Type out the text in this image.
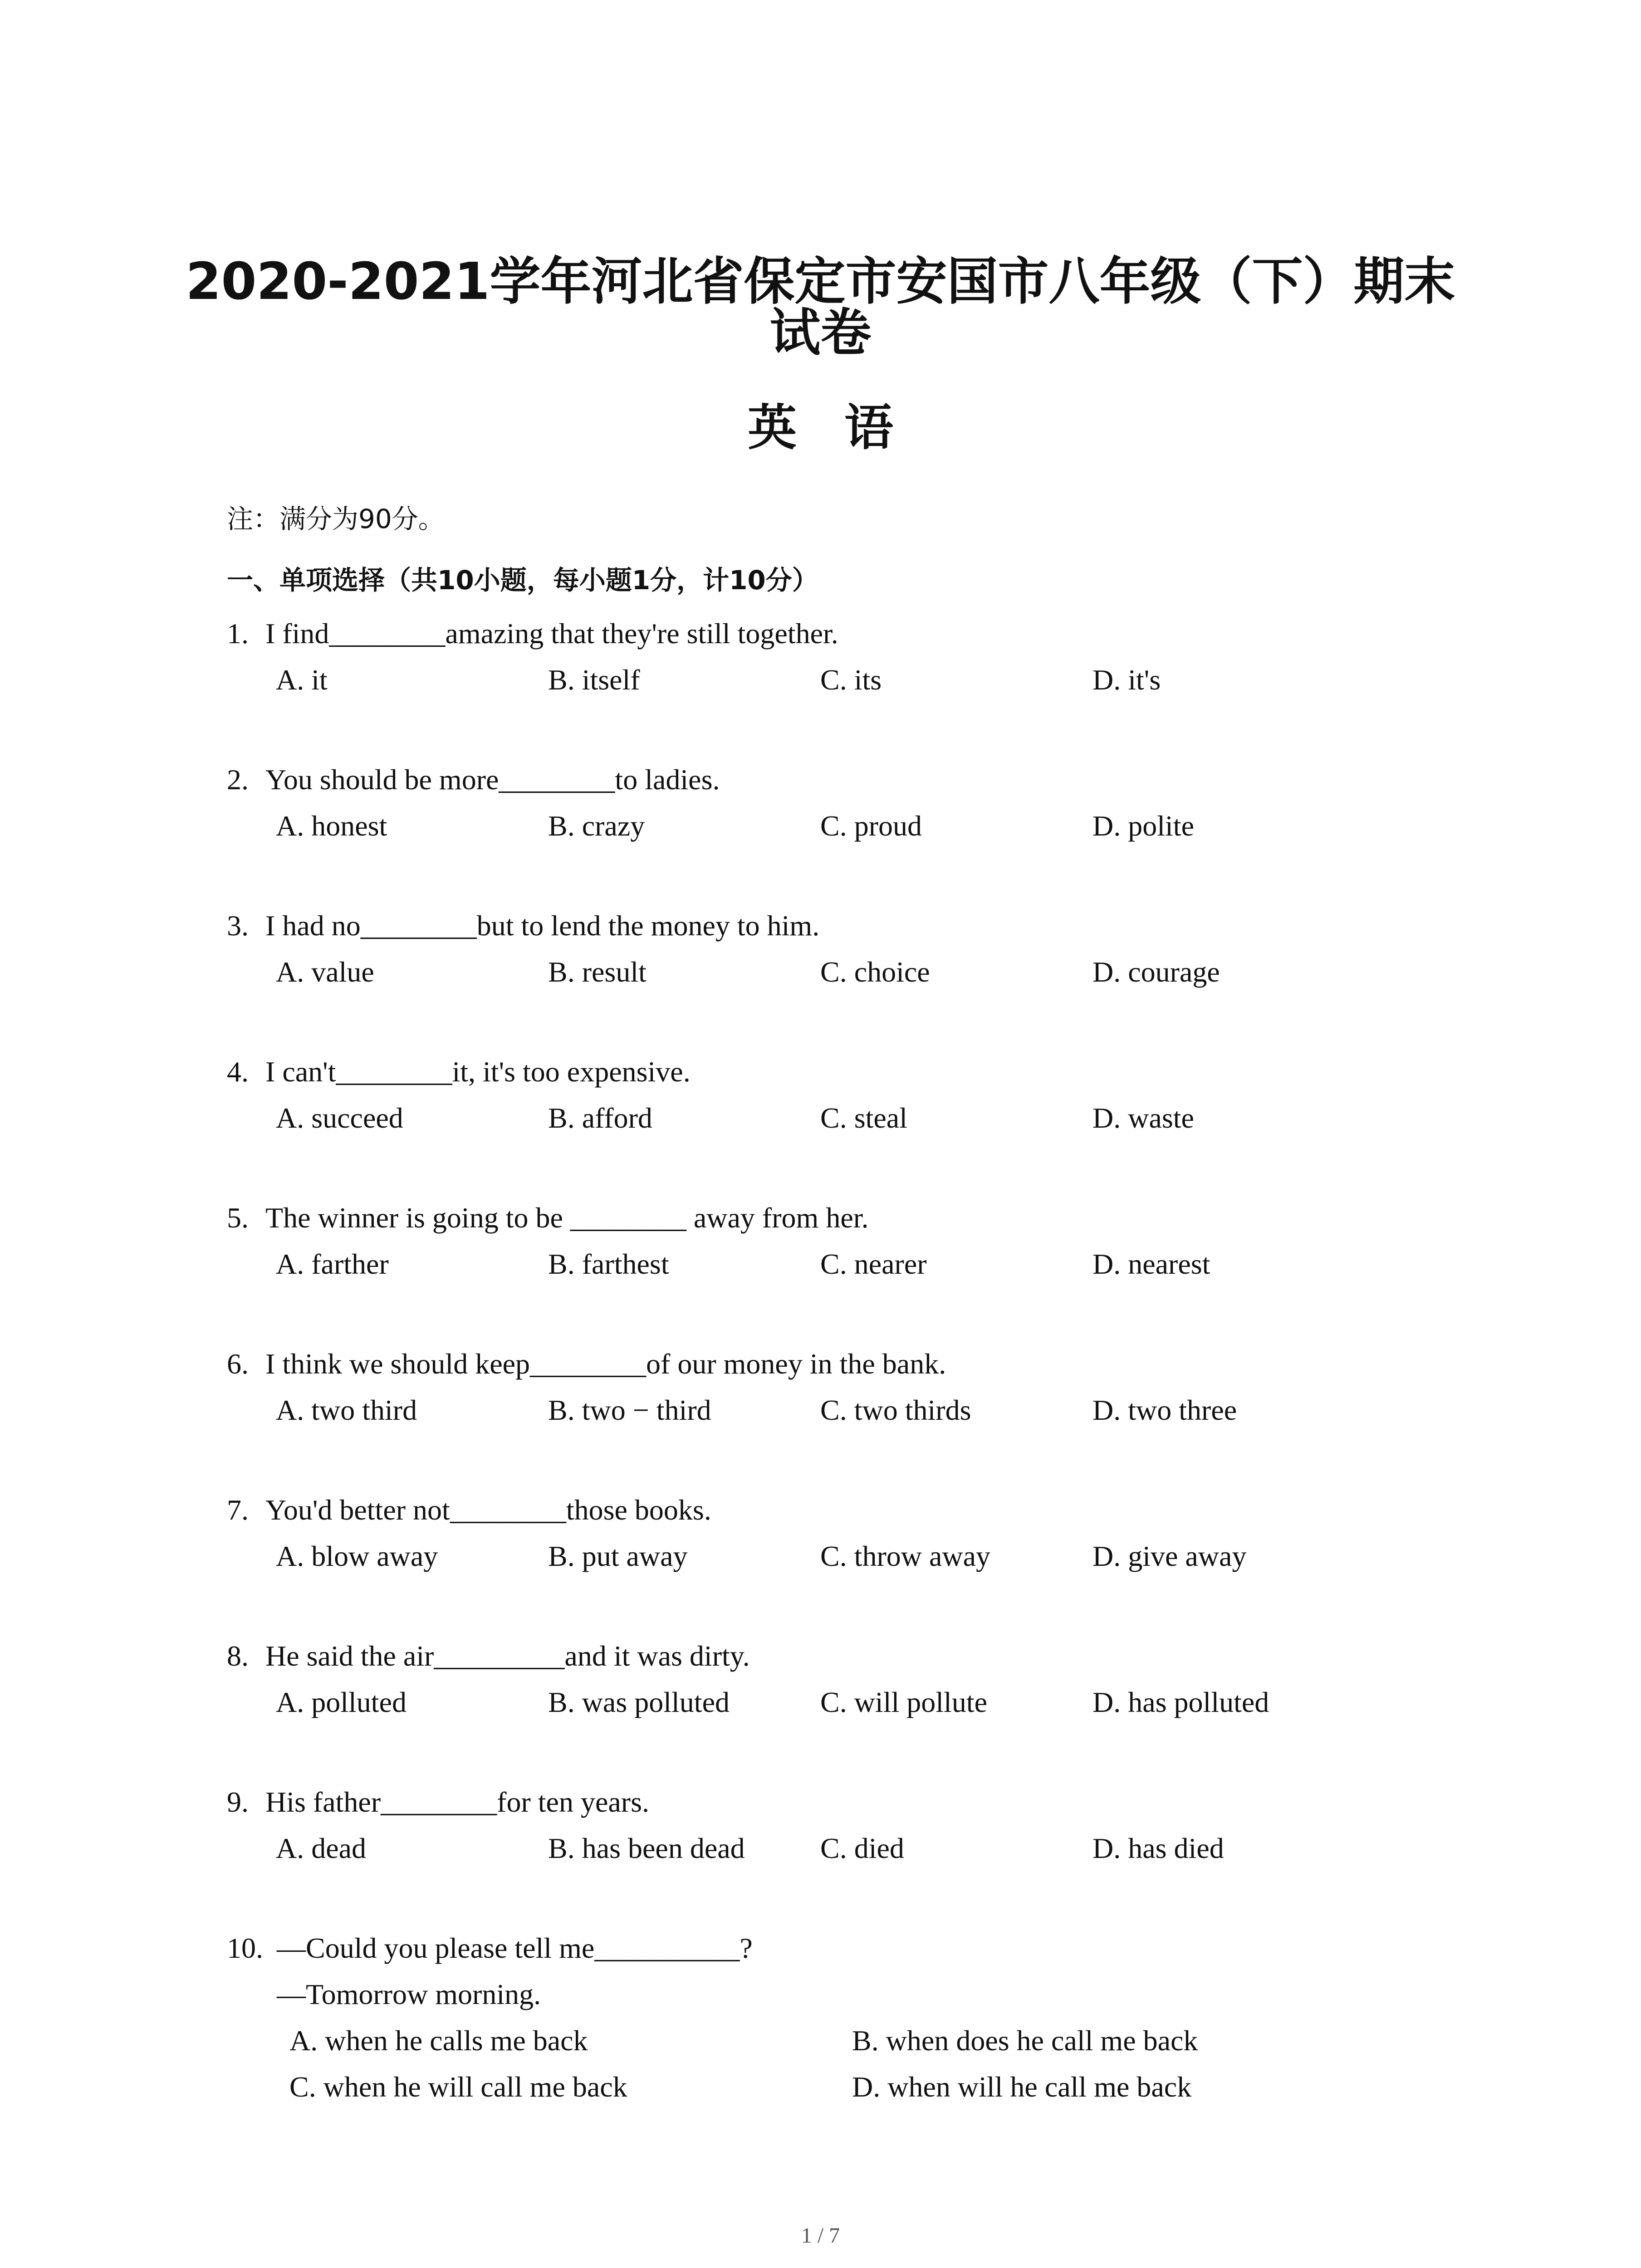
2020-2021学年河北省保定市安国市八年级（下）期末
试卷
英语
注：满分为90分。
一、单项选择（共10小题，每小题1分，计10分）
1. I find________amazing that they're still together.
A. it	B. itself	C. its	D. it's
2. You should be more________to ladies.
A. honest	B. crazy	C. proud	D. polite
3. I had no________but to lend the money to him.
A. value	B. result	C. choice	D. courage
4. I can't________it, it's too expensive.
A. succeed	B. afford	C. steal	D. waste
5. The winner is going to be ________ away from her.
A. farther	B. farthest	C. nearer	D. nearest
6. I think we should keep________of our money in the bank.
A. two third	B. two − third	C. two thirds	D. two three
7. You'd better not________those books.
A. blow away	B. put away	C. throw away	D. give away
8. He said the air_________and it was dirty.
A. polluted	B. was polluted	C. will pollute	D. has polluted
9. His father________for ten years.
A. dead	B. has been dead	C. died	D. has died
10. —Could you please tell me__________?
—Tomorrow morning.
A. when he calls me back	B. when does he call me back
C. when he will call me back	D. when will he call me back
1 / 7
